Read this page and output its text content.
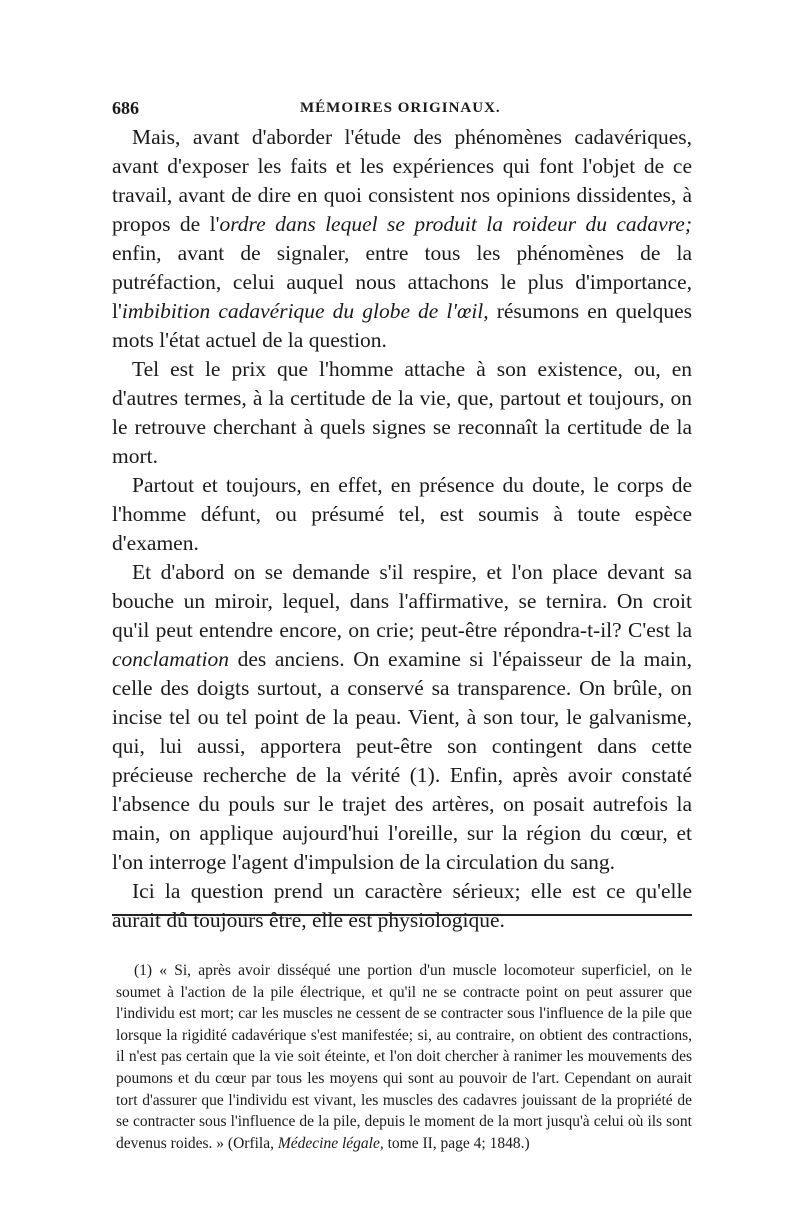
686	MÉMOIRES ORIGINAUX.

Mais, avant d'aborder l'étude des phénomènes cadavériques, avant d'exposer les faits et les expériences qui font l'objet de ce travail, avant de dire en quoi consistent nos opinions dissidentes, à propos de l'ordre dans lequel se produit la roideur du cadavre; enfin, avant de signaler, entre tous les phénomènes de la putréfaction, celui auquel nous attachons le plus d'importance, l'imbibition cadavérique du globe de l'œil, résumons en quelques mots l'état actuel de la question.

Tel est le prix que l'homme attache à son existence, ou, en d'autres termes, à la certitude de la vie, que, partout et toujours, on le retrouve cherchant à quels signes se reconnaît la certitude de la mort.

Partout et toujours, en effet, en présence du doute, le corps de l'homme défunt, ou présumé tel, est soumis à toute espèce d'examen.

Et d'abord on se demande s'il respire, et l'on place devant sa bouche un miroir, lequel, dans l'affirmative, se ternira. On croit qu'il peut entendre encore, on crie; peut-être répondra-t-il? C'est la conclamation des anciens. On examine si l'épaisseur de la main, celle des doigts surtout, a conservé sa transparence. On brûle, on incise tel ou tel point de la peau. Vient, à son tour, le galvanisme, qui, lui aussi, apportera peut-être son contingent dans cette précieuse recherche de la vérité (1). Enfin, après avoir constaté l'absence du pouls sur le trajet des artères, on posait autrefois la main, on applique aujourd'hui l'oreille, sur la région du cœur, et l'on interroge l'agent d'impulsion de la circulation du sang.

Ici la question prend un caractère sérieux; elle est ce qu'elle aurait dû toujours être, elle est physiologique.

(1) « Si, après avoir disséqué une portion d'un muscle locomoteur superficiel, on le soumet à l'action de la pile électrique, et qu'il ne se contracte point on peut assurer que l'individu est mort; car les muscles ne cessent de se contracter sous l'influence de la pile que lorsque la rigidité cadavérique s'est manifestée; si, au contraire, on obtient des contractions, il n'est pas certain que la vie soit éteinte, et l'on doit chercher à ranimer les mouvements des poumons et du cœur par tous les moyens qui sont au pouvoir de l'art. Cependant on aurait tort d'assurer que l'individu est vivant, les muscles des cadavres jouissant de la propriété de se contracter sous l'influence de la pile, depuis le moment de la mort jusqu'à celui où ils sont devenus roides. » (Orfila, Médecine légale, tome II, page 4; 1848.)
